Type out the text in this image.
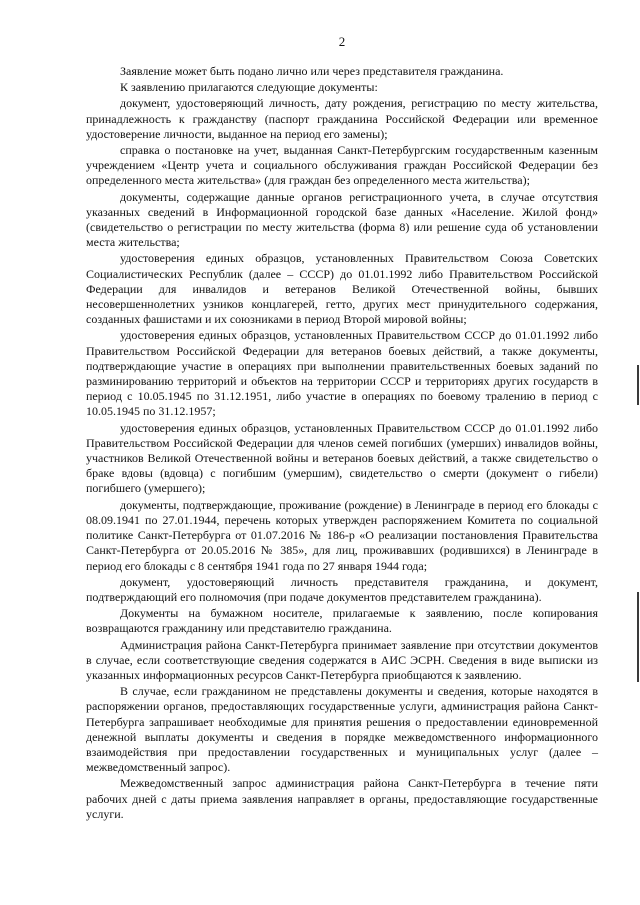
2

Заявление может быть подано лично или через представителя гражданина.

К заявлению прилагаются следующие документы:

документ, удостоверяющий личность, дату рождения, регистрацию по месту жительства, принадлежность к гражданству (паспорт гражданина Российской Федерации или временное удостоверение личности, выданное на период его замены);

справка о постановке на учет, выданная Санкт-Петербургским государственным казенным учреждением «Центр учета и социального обслуживания граждан Российской Федерации без определенного места жительства» (для граждан без определенного места жительства);

документы, содержащие данные органов регистрационного учета, в случае отсутствия указанных сведений в Информационной городской базе данных «Население. Жилой фонд» (свидетельство о регистрации по месту жительства (форма 8) или решение суда об установлении места жительства;

удостоверения единых образцов, установленных Правительством Союза Советских Социалистических Республик (далее – СССР) до 01.01.1992 либо Правительством Российской Федерации для инвалидов и ветеранов Великой Отечественной войны, бывших несовершеннолетних узников концлагерей, гетто, других мест принудительного содержания, созданных фашистами и их союзниками в период Второй мировой войны;

удостоверения единых образцов, установленных Правительством СССР до 01.01.1992 либо Правительством Российской Федерации для ветеранов боевых действий, а также документы, подтверждающие участие в операциях при выполнении правительственных боевых заданий по разминированию территорий и объектов на территории СССР и территориях других государств в период с 10.05.1945 по 31.12.1951, либо участие в операциях по боевому тралению в период с 10.05.1945 по 31.12.1957;

удостоверения единых образцов, установленных Правительством СССР до 01.01.1992 либо Правительством Российской Федерации для членов семей погибших (умерших) инвалидов войны, участников Великой Отечественной войны и ветеранов боевых действий, а также свидетельство о браке вдовы (вдовца) с погибшим (умершим), свидетельство о смерти (документ о гибели) погибшего (умершего);

документы, подтверждающие, проживание (рождение) в Ленинграде в период его блокады с 08.09.1941 по 27.01.1944, перечень которых утвержден распоряжением Комитета по социальной политике Санкт-Петербурга от 01.07.2016 № 186-р «О реализации постановления Правительства Санкт-Петербурга от 20.05.2016 № 385», для лиц, проживавших (родившихся) в Ленинграде в период его блокады с 8 сентября 1941 года по 27 января 1944 года;

документ, удостоверяющий личность представителя гражданина, и документ, подтверждающий его полномочия (при подаче документов представителем гражданина).

Документы на бумажном носителе, прилагаемые к заявлению, после копирования возвращаются гражданину или представителю гражданина.

Администрация района Санкт-Петербурга принимает заявление при отсутствии документов в случае, если соответствующие сведения содержатся в АИС ЭСРН. Сведения в виде выписки из указанных информационных ресурсов Санкт-Петербурга приобщаются к заявлению.

В случае, если гражданином не представлены документы и сведения, которые находятся в распоряжении органов, предоставляющих государственные услуги, администрация района Санкт-Петербурга запрашивает необходимые для принятия решения о предоставлении единовременной денежной выплаты документы и сведения в порядке межведомственного информационного взаимодействия при предоставлении государственных и муниципальных услуг (далее – межведомственный запрос).

Межведомственный запрос администрация района Санкт-Петербурга в течение пяти рабочих дней с даты приема заявления направляет в органы, предоставляющие государственные услуги.
